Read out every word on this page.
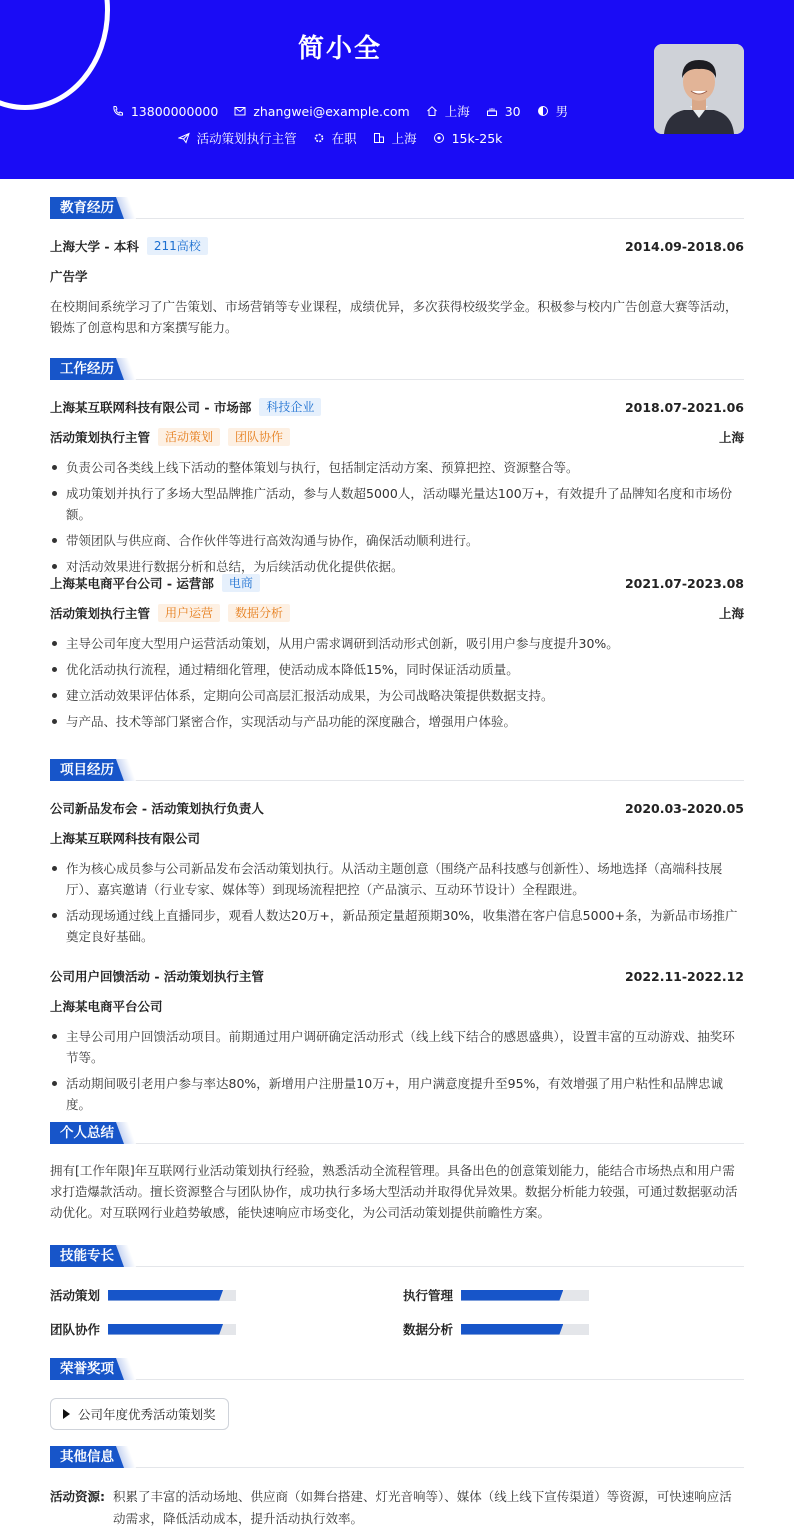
简小全
13800000000	zhangwei@example.com	上海	30	男
活动策划执行主管	在职	上海	15k-25k
教育经历
上海大学 - 本科	211高校	2014.09-2018.06
广告学
在校期间系统学习了广告策划、市场营销等专业课程，成绩优异，多次获得校级奖学金。积极参与校内广告创意大赛等活动，锻炼了创意构思和方案撰写能力。
工作经历
上海某互联网科技有限公司 - 市场部	科技企业	2018.07-2021.06
活动策划执行主管	活动策划	团队协作	上海
负责公司各类线上线下活动的整体策划与执行，包括制定活动方案、预算把控、资源整合等。
成功策划并执行了多场大型品牌推广活动，参与人数超5000人，活动曝光量达100万+，有效提升了品牌知名度和市场份额。
带领团队与供应商、合作伙伴等进行高效沟通与协作，确保活动顺利进行。
对活动效果进行数据分析和总结，为后续活动优化提供依据。
上海某电商平台公司 - 运营部	电商	2021.07-2023.08
活动策划执行主管	用户运营	数据分析	上海
主导公司年度大型用户运营活动策划，从用户需求调研到活动形式创新，吸引用户参与度提升30%。
优化活动执行流程，通过精细化管理，使活动成本降低15%，同时保证活动质量。
建立活动效果评估体系，定期向公司高层汇报活动成果，为公司战略决策提供数据支持。
与产品、技术等部门紧密合作，实现活动与产品功能的深度融合，增强用户体验。
项目经历
公司新品发布会 - 活动策划执行负责人	2020.03-2020.05
上海某互联网科技有限公司
作为核心成员参与公司新品发布会活动策划执行。从活动主题创意（围绕产品科技感与创新性）、场地选择（高端科技展厅）、嘉宾邀请（行业专家、媒体等）到现场流程把控（产品演示、互动环节设计）全程跟进。
活动现场通过线上直播同步，观看人数达20万+，新品预定量超预期30%，收集潜在客户信息5000+条，为新品市场推广奠定良好基础。
公司用户回馈活动 - 活动策划执行主管	2022.11-2022.12
上海某电商平台公司
主导公司用户回馈活动项目。前期通过用户调研确定活动形式（线上线下结合的感恩盛典），设置丰富的互动游戏、抽奖环节等。
活动期间吸引老用户参与率达80%，新增用户注册量10万+，用户满意度提升至95%，有效增强了用户粘性和品牌忠诚度。
个人总结
拥有[工作年限]年互联网行业活动策划执行经验，熟悉活动全流程管理。具备出色的创意策划能力，能结合市场热点和用户需求打造爆款活动。擅长资源整合与团队协作，成功执行多场大型活动并取得优异效果。数据分析能力较强，可通过数据驱动活动优化。对互联网行业趋势敏感，能快速响应市场变化，为公司活动策划提供前瞻性方案。
技能专长
活动策划	执行管理
团队协作	数据分析
荣誉奖项
公司年度优秀活动策划奖
其他信息
活动资源: 积累了丰富的活动场地、供应商（如舞台搭建、灯光音响等）、媒体（线上线下宣传渠道）等资源，可快速响应活动需求，降低活动成本，提升活动执行效率。
